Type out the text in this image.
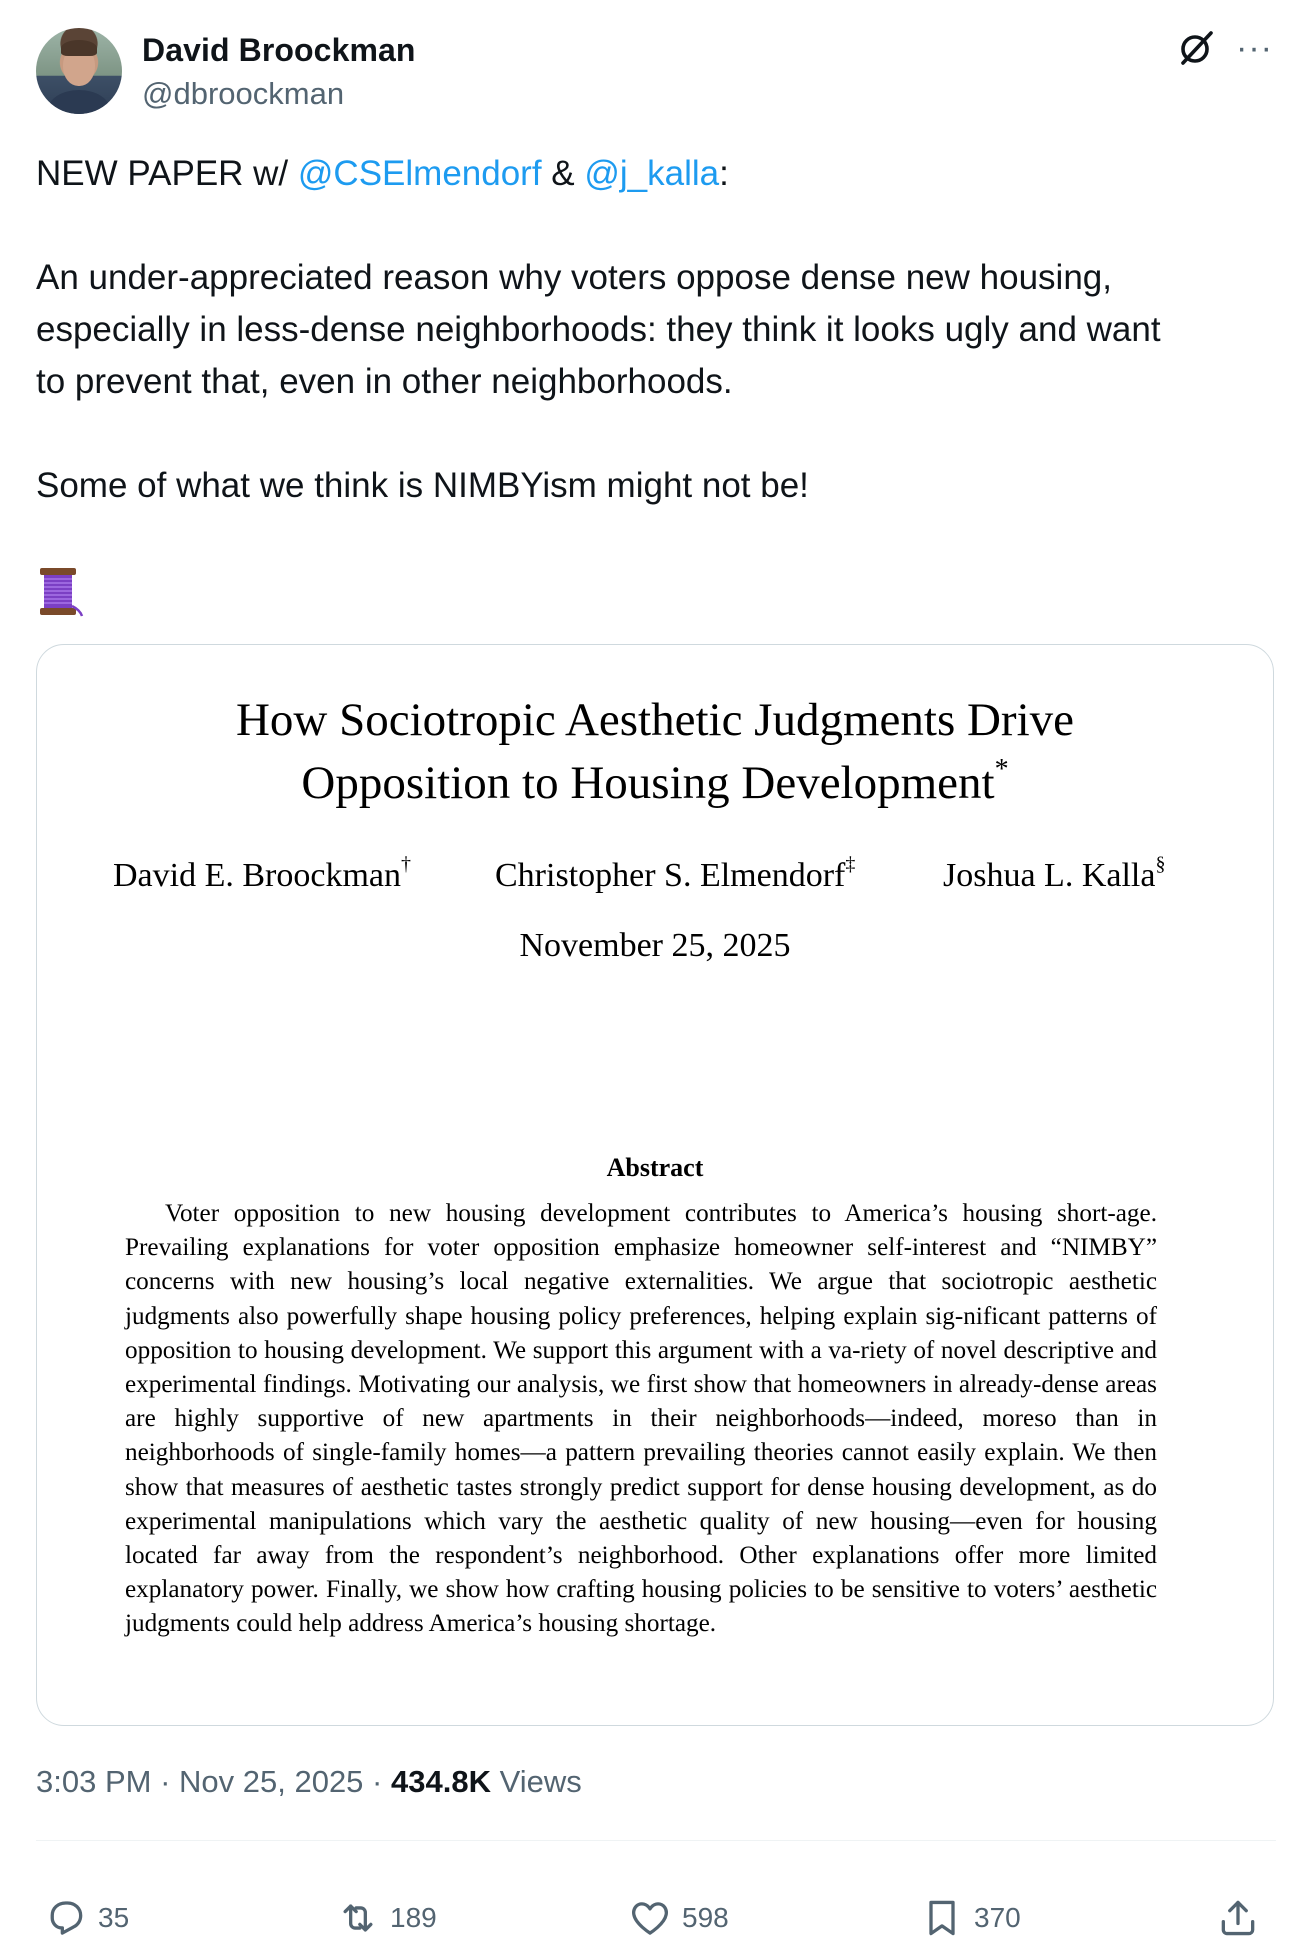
David Broockman
@dbroockman
···

NEW PAPER w/ @CSElmendorf & @j_kalla:

An under-appreciated reason why voters oppose dense new housing,

especially in less-dense neighborhoods: they think it looks ugly and want

to prevent that, even in other neighborhoods.

Some of what we think is NIMBYism might not be!

How Sociotropic Aesthetic Judgments Drive
Opposition to Housing Development*
David E. Broockman† Christopher S. Elmendorf‡	Joshua L. Kalla§
November 25, 2025
Abstract
Voter opposition to new housing development contributes to America’s housing short-age. Prevailing explanations for voter opposition emphasize homeowner self-interest and “NIMBY” concerns with new housing’s local negative externalities. We argue that sociotropic aesthetic judgments also powerfully shape housing policy preferences, helping explain sig-nificant patterns of opposition to housing development. We support this argument with a va-riety of novel descriptive and experimental findings. Motivating our analysis, we first show that homeowners in already-dense areas are highly supportive of new apartments in their neighborhoods—indeed, moreso than in neighborhoods of single-family homes—a pattern prevailing theories cannot easily explain. We then show that measures of aesthetic tastes strongly predict support for dense housing development, as do experimental manipulations which vary the aesthetic quality of new housing—even for housing located far away from the respondent’s neighborhood. Other explanations offer more limited explanatory power. Finally, we show how crafting housing policies to be sensitive to voters’ aesthetic judgments could help address America’s housing shortage.
3:03 PM · Nov 25, 2025 · 434.8K Views
35	189	598	370
